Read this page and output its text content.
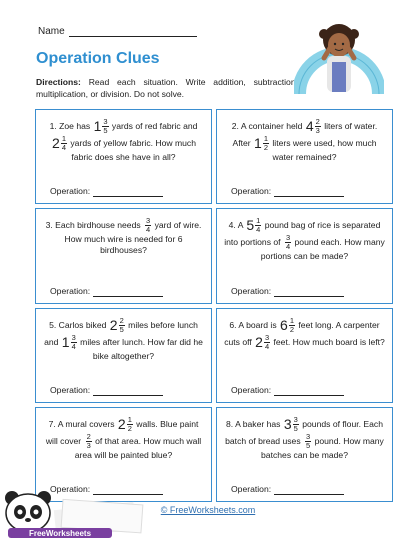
Name
Operation Clues
Directions: Read each situation. Write addition, subtraction, multiplication, or division. Do not solve.
1. Zoe has $1 \frac{3}{5}$ yards of red fabric and
$2 \frac{1}{4}$ yards of yellow fabric. How much fabric does she have in all?
Operation:
2. A container held $4 \frac{2}{3}$ liters of water. After $1 \frac{1}{2}$ liters were used, how much water remained?
Operation:
3. Each birdhouse needs $\frac{3}{4}$ yard of wire. How much wire is needed for 6 birdhouses?
Operation:
4. A $5 \frac{1}{4}$ pound bag of rice is separated into portions of $\frac{3}{4}$ pound each. How many portions can be made?
Operation:
5. Carlos biked $2 \frac{2}{5}$ miles before lunch and $1 \frac{3}{4}$ miles after lunch. How far did he bike altogether?
Operation:
6. A board is $6 \frac{1}{2}$ feet long. A carpenter cuts off $2 \frac{3}{4}$ feet. How much board is left?
Operation:
7. A mural covers $2 \frac{1}{2}$ walls. Blue paint will cover $\frac{2}{3}$ of that area. How much wall area will be painted blue?
Operation:
8. A baker has $3 \frac{3}{5}$ pounds of flour. Each batch of bread uses $\frac{3}{5}$ pound. How many batches can be made?
Operation:
© FreeWorksheets.com
FreeWorksheets
